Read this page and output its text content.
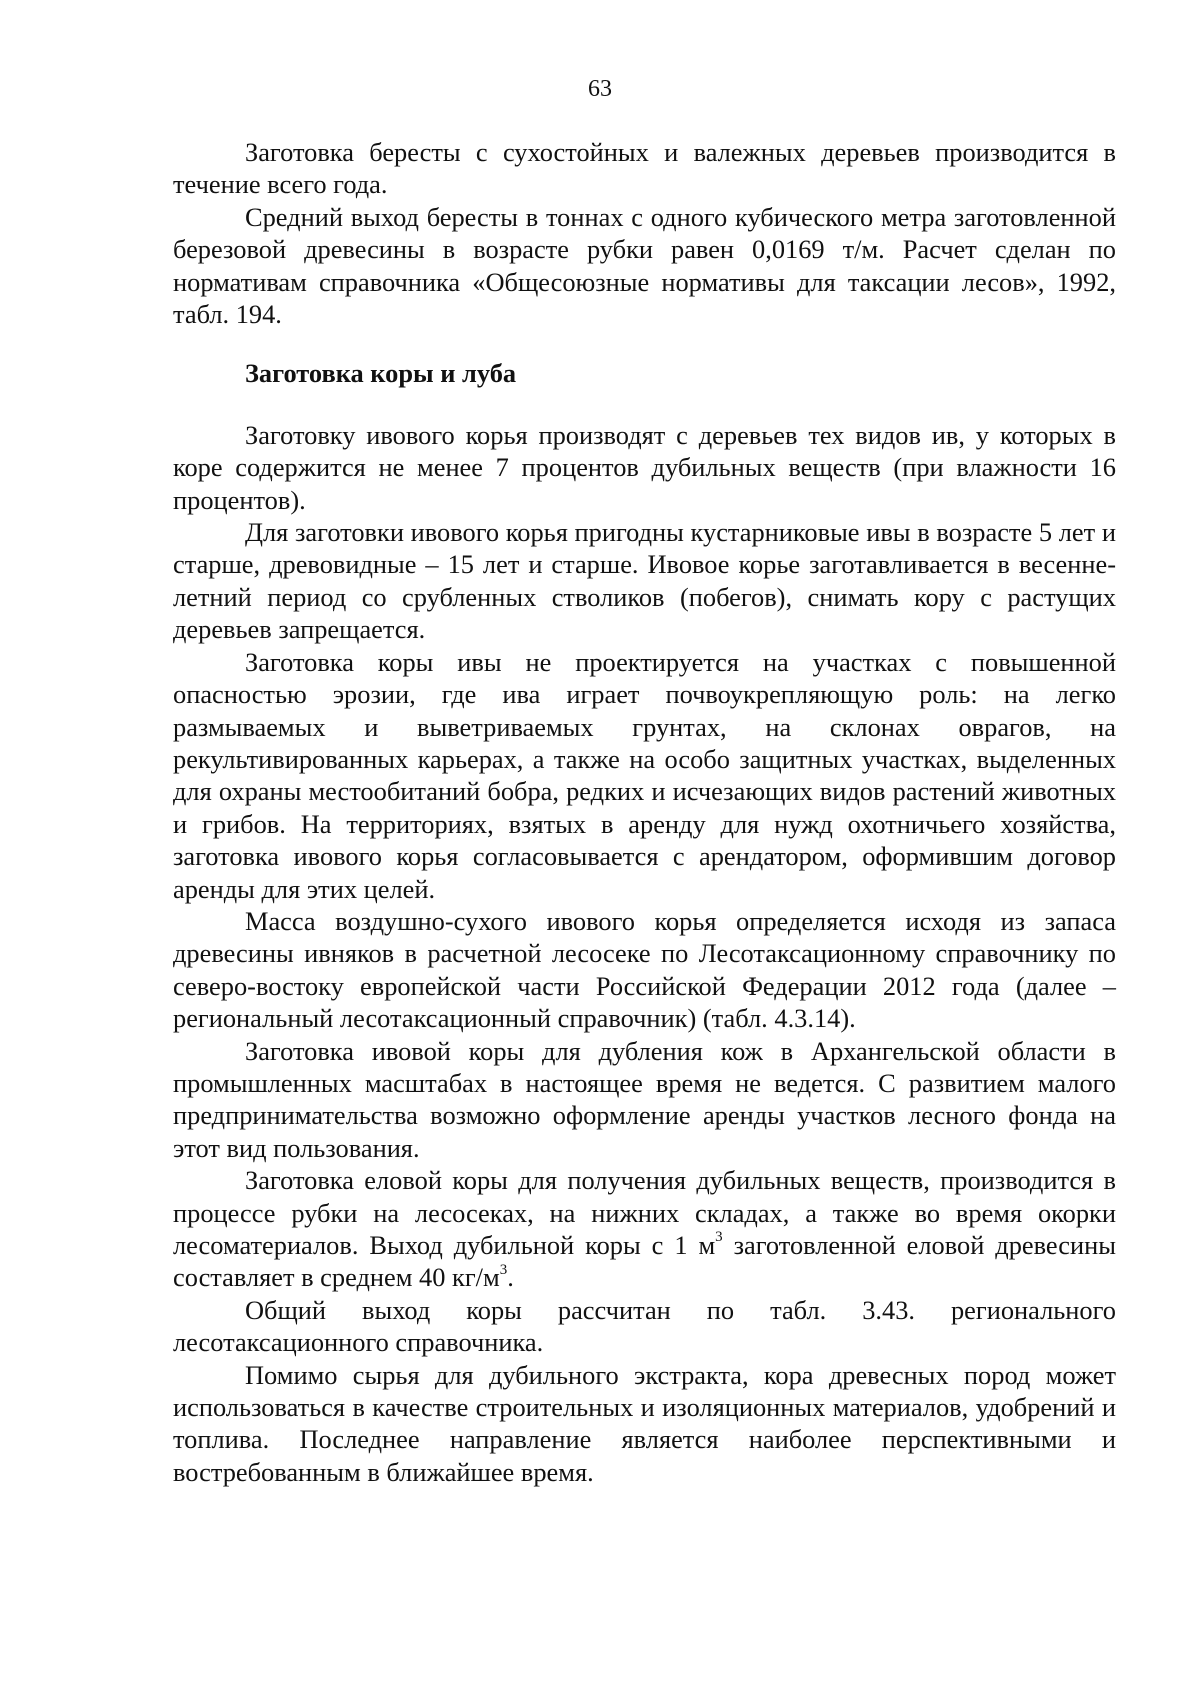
63

Заготовка бересты с сухостойных и валежных деревьев производится в течение всего года.

Средний выход бересты в тоннах с одного кубического метра заготовленной березовой древесины в возрасте рубки равен 0,0169 т/м. Расчет сделан по нормативам справочника «Общесоюзные нормативы для таксации лесов», 1992, табл. 194.

Заготовка коры и луба

Заготовку ивового корья производят с деревьев тех видов ив, у которых в коре содержится не менее 7 процентов дубильных веществ (при влажности 16 процентов).

Для заготовки ивового корья пригодны кустарниковые ивы в возрасте 5 лет и старше, древовидные – 15 лет и старше. Ивовое корье заготавливается в весенне-летний период со срубленных стволиков (побегов), снимать кору с растущих деревьев запрещается.

Заготовка коры ивы не проектируется на участках с повышенной опасностью эрозии, где ива играет почвоукрепляющую роль: на легко размываемых и выветриваемых грунтах, на склонах оврагов, на рекультивированных карьерах, а также на особо защитных участках, выделенных для охраны местообитаний бобра, редких и исчезающих видов растений животных и грибов. На территориях, взятых в аренду для нужд охотничьего хозяйства, заготовка ивового корья согласовывается с арендатором, оформившим договор аренды для этих целей.

Масса воздушно-сухого ивового корья определяется исходя из запаса древесины ивняков в расчетной лесосеке по Лесотаксационному справочнику по северо-востоку европейской части Российской Федерации 2012 года (далее – региональный лесотаксационный справочник) (табл. 4.3.14).

Заготовка ивовой коры для дубления кож в Архангельской области в промышленных масштабах в настоящее время не ведется. С развитием малого предпринимательства возможно оформление аренды участков лесного фонда на этот вид пользования.

Заготовка еловой коры для получения дубильных веществ, производится в процессе рубки на лесосеках, на нижних складах, а также во время окорки лесоматериалов. Выход дубильной коры с 1 $м^3$ заготовленной еловой древесины составляет в среднем 40 $кг/м^3$.

Общий выход коры рассчитан по табл. 3.43. регионального лесотаксационного справочника.

Помимо сырья для дубильного экстракта, кора древесных пород может использоваться в качестве строительных и изоляционных материалов, удобрений и топлива. Последнее направление является наиболее перспективными и востребованным в ближайшее время.
